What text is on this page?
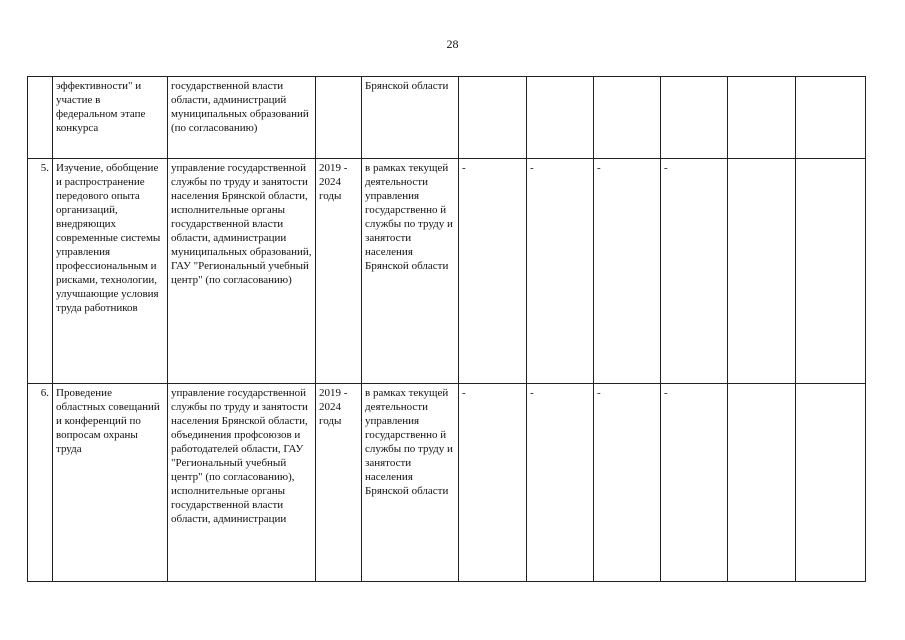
28
	эффективности" и участие в федеральном этапе конкурса	государственной власти области, администраций муниципальных образований (по согласованию)		Брянской области						
5.	Изучение, обобщение и распространение передового опыта организаций, внедряющих современные системы управления профессиональным и рисками, технологии, улучшающие условия труда работников	управление государственной службы по труду и занятости населения Брянской области, исполнительные органы государственной власти области, администрации муниципальных образований, ГАУ "Региональный учебный центр" (по согласованию)	2019 - 2024 годы	в рамках текущей деятельности управления государственно й службы по труду и занятости населения Брянской области	-	-	-	-		
6.	Проведение областных совещаний и конференций по вопросам охраны труда	управление государственной службы по труду и занятости населения Брянской области, объединения профсоюзов и работодателей области, ГАУ "Региональный учебный центр" (по согласованию), исполнительные органы государственной власти области, администрации	2019 - 2024 годы	в рамках текущей деятельности управления государственно й службы по труду и занятости населения Брянской области	-	-	-	-		
